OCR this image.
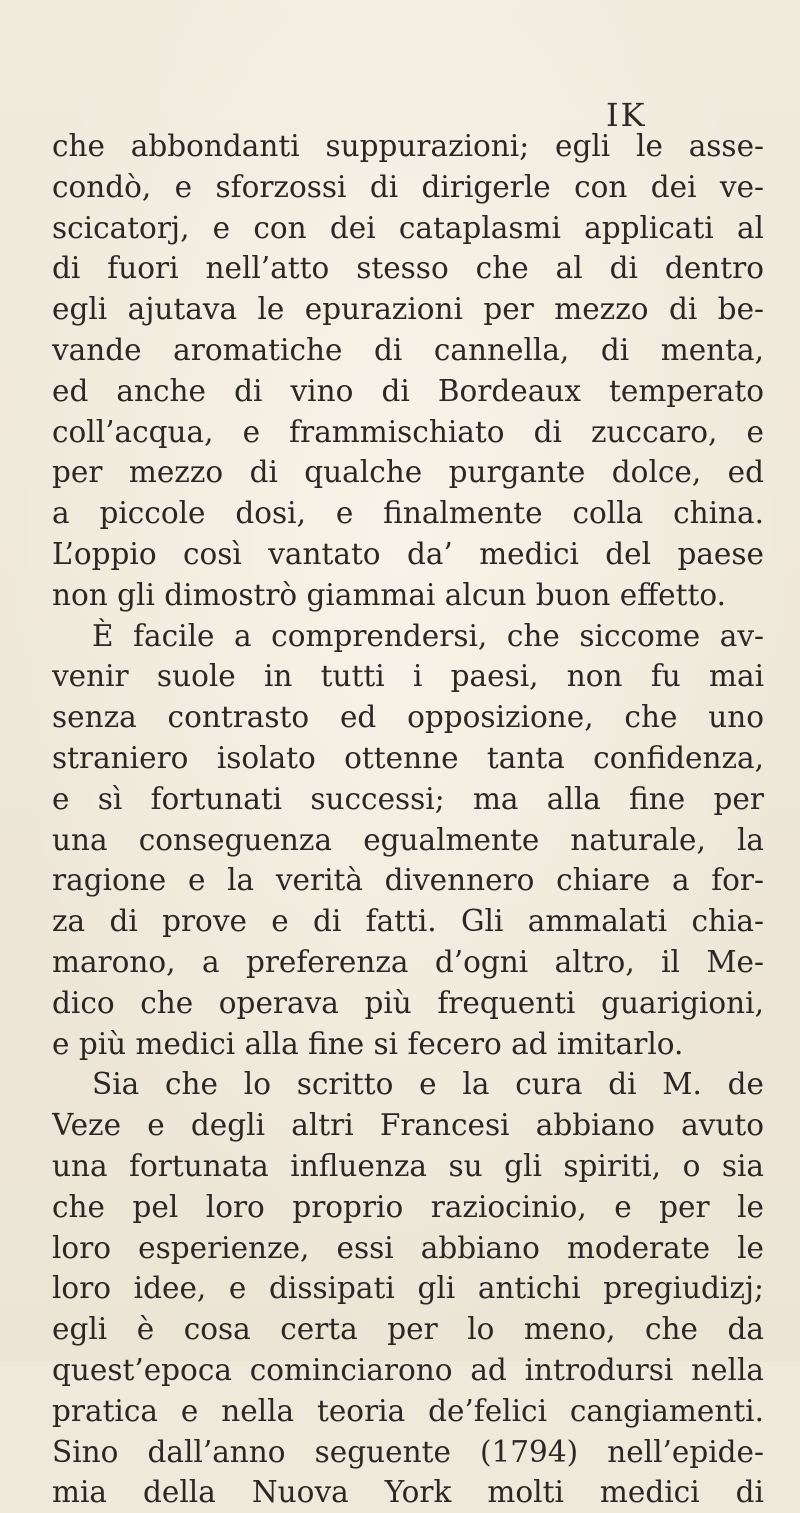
IK
che abbondanti suppurazioni; egli le asse-
condò, e sforzossi di dirigerle con dei ve-
scicatorj, e con dei cataplasmi applicati al
di fuori nell’atto stesso che al di dentro
egli ajutava le epurazioni per mezzo di be-
vande aromatiche di cannella, di menta,
ed anche di vino di Bordeaux temperato
coll’acqua, e frammischiato di zuccaro, e
per mezzo di qualche purgante dolce, ed
a piccole dosi, e finalmente colla china.
L’oppio così vantato da’ medici del paese
non gli dimostrò giammai alcun buon effetto.
È facile a comprendersi, che siccome av-
venir suole in tutti i paesi, non fu mai
senza contrasto ed opposizione, che uno
straniero isolato ottenne tanta confidenza,
e sì fortunati successi; ma alla fine per
una conseguenza egualmente naturale, la
ragione e la verità divennero chiare a for-
za di prove e di fatti. Gli ammalati chia-
marono, a preferenza d’ogni altro, il Me-
dico che operava più frequenti guarigioni,
e più medici alla fine si fecero ad imitarlo.
Sia che lo scritto e la cura di M. de
Veze e degli altri Francesi abbiano avuto
una fortunata influenza su gli spiriti, o sia
che pel loro proprio raziocinio, e per le
loro esperienze, essi abbiano moderate le
loro idee, e dissipati gli antichi pregiudizj;
egli è cosa certa per lo meno, che da
quest’epoca cominciarono ad introdursi nella
pratica e nella teoria de’felici cangiamenti.
Sino dall’anno seguente (1794) nell’epide-
mia della Nuova York molti medici di
